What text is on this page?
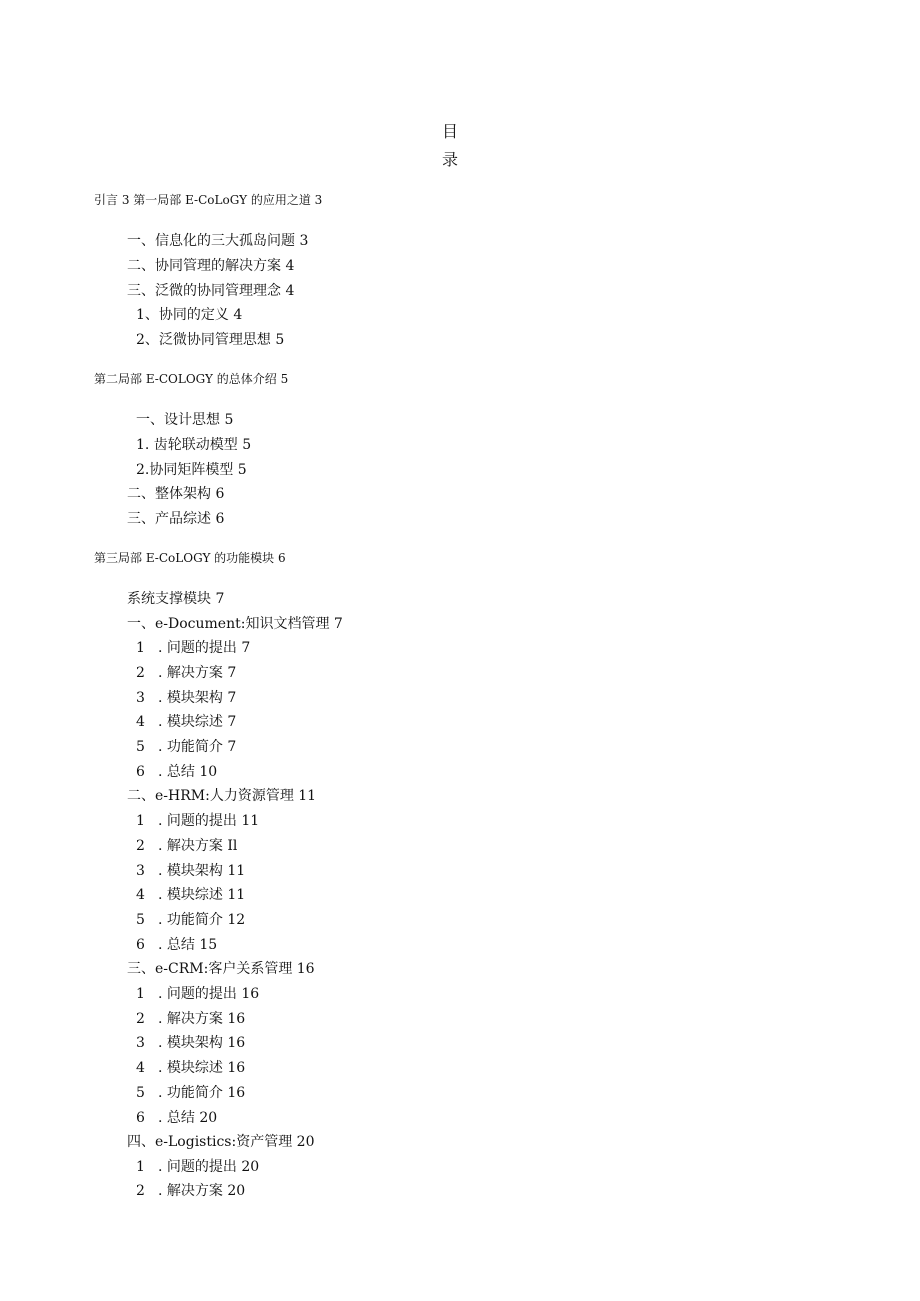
目
录
引言 3 第一局部 E-CoLoGY 的应用之道 3
一、信息化的三大孤岛问题 3
二、协同管理的解决方案 4
三、泛微的协同管理理念 4
1、协同的定义 4
2、泛微协同管理思想 5
第二局部 E-COLOGY 的总体介绍 5
一、设计思想 5
1. 齿轮联动模型 5
2.协同矩阵模型 5
二、整体架构 6
三、产品综述 6
第三局部 E-CoLOGY 的功能模块 6
系统支撑模块 7
一、e-Document:知识文档管理 7
1 . 问题的提出 7
2 . 解决方案 7
3 . 模块架构 7
4 . 模块综述 7
5 . 功能简介 7
6 . 总结 10
二、e-HRM:人力资源管理 11
1 . 问题的提出 11
2 . 解决方案 Il
3 . 模块架构 11
4 . 模块综述 11
5 . 功能简介 12
6 . 总结 15
三、e-CRM:客户关系管理 16
1 . 问题的提出 16
2 . 解决方案 16
3 . 模块架构 16
4 . 模块综述 16
5 . 功能简介 16
6 . 总结 20
四、e-Logistics:资产管理 20
1 . 问题的提出 20
2 . 解决方案 20
